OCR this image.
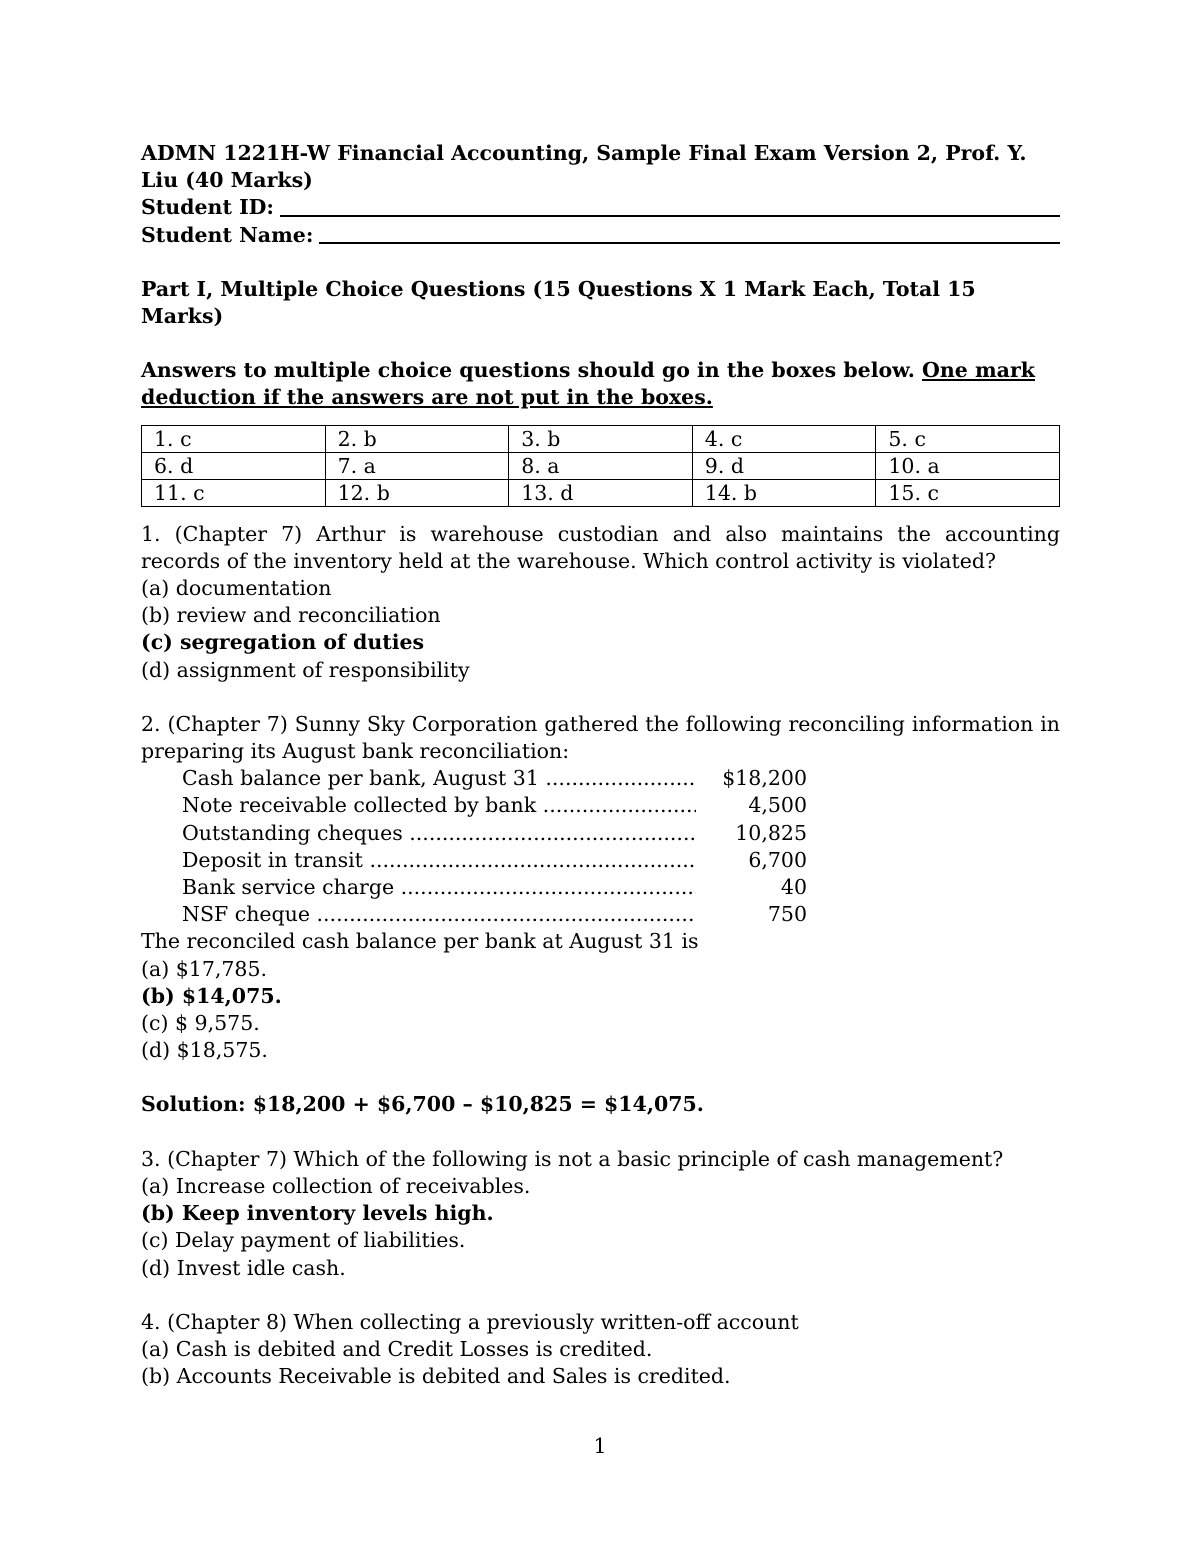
ADMN 1221H-W Financial Accounting, Sample Final Exam Version 2, Prof. Y. Liu (40 Marks)
Student ID:
Student Name:
Part I, Multiple Choice Questions (15 Questions X 1 Mark Each, Total 15 Marks)
Answers to multiple choice questions should go in the boxes below. One mark deduction if the answers are not put in the boxes.
1. c	2. b	3. b	4. c	5. c
6. d	7. a	8. a	9. d	10. a
11. c	12. b	13. d	14. b	15. c
1. (Chapter 7) Arthur is warehouse custodian and also maintains the accounting records of the inventory held at the warehouse. Which control activity is violated?
(a) documentation
(b) review and reconciliation
(c) segregation of duties
(d) assignment of responsibility
2. (Chapter 7) Sunny Sky Corporation gathered the following reconciling information in preparing its August bank reconciliation:
Cash balance per bank, August 31 .....	$18,200
Note receivable collected by bank .....	4,500
Outstanding cheques .....	10,825
Deposit in transit .....	6,700
Bank service charge .....	40
NSF cheque .....	750
The reconciled cash balance per bank at August 31 is
(a) $17,785.
(b) $14,075.
(c) $ 9,575.
(d) $18,575.
Solution: $18,200 + $6,700 – $10,825 = $14,075.
3. (Chapter 7) Which of the following is not a basic principle of cash management?
(a) Increase collection of receivables.
(b) Keep inventory levels high.
(c) Delay payment of liabilities.
(d) Invest idle cash.
4. (Chapter 8) When collecting a previously written-off account
(a) Cash is debited and Credit Losses is credited.
(b) Accounts Receivable is debited and Sales is credited.
1
